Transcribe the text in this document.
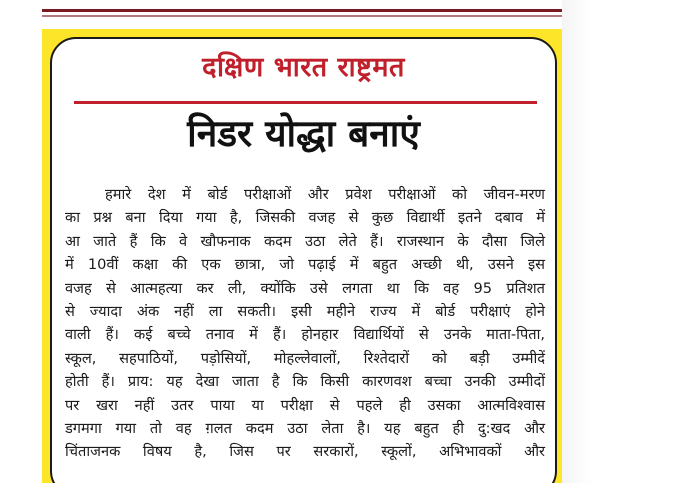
दक्षिण भारत राष्ट्रमत
निडर योद्धा बनाएं
हमारे देश में बोर्ड परीक्षाओं और प्रवेश परीक्षाओं को जीवन-मरण
का प्रश्न बना दिया गया है, जिसकी वजह से कुछ विद्यार्थी इतने दबाव में
आ जाते हैं कि वे खौफनाक कदम उठा लेते हैं। राजस्थान के दौसा जिले
में 10वीं कक्षा की एक छात्रा, जो पढ़ाई में बहुत अच्छी थी, उसने इस
वजह से आत्महत्या कर ली, क्योंकि उसे लगता था कि वह 95 प्रतिशत
से ज्यादा अंक नहीं ला सकती। इसी महीने राज्य में बोर्ड परीक्षाएं होने
वाली हैं। कई बच्चे तनाव में हैं। होनहार विद्यार्थियों से उनके माता-पिता,
स्कूल, सहपाठियों, पड़ोसियों, मोहल्लेवालों, रिश्तेदारों को बड़ी उम्मीदें
होती हैं। प्राय: यह देखा जाता है कि किसी कारणवश बच्चा उनकी उम्मीदों
पर खरा नहीं उतर पाया या परीक्षा से पहले ही उसका आत्मविश्वास
डगमगा गया तो वह ग़लत कदम उठा लेता है। यह बहुत ही दु:खद और
चिंताजनक विषय है, जिस पर सरकारों, स्कूलों, अभिभावकों और
